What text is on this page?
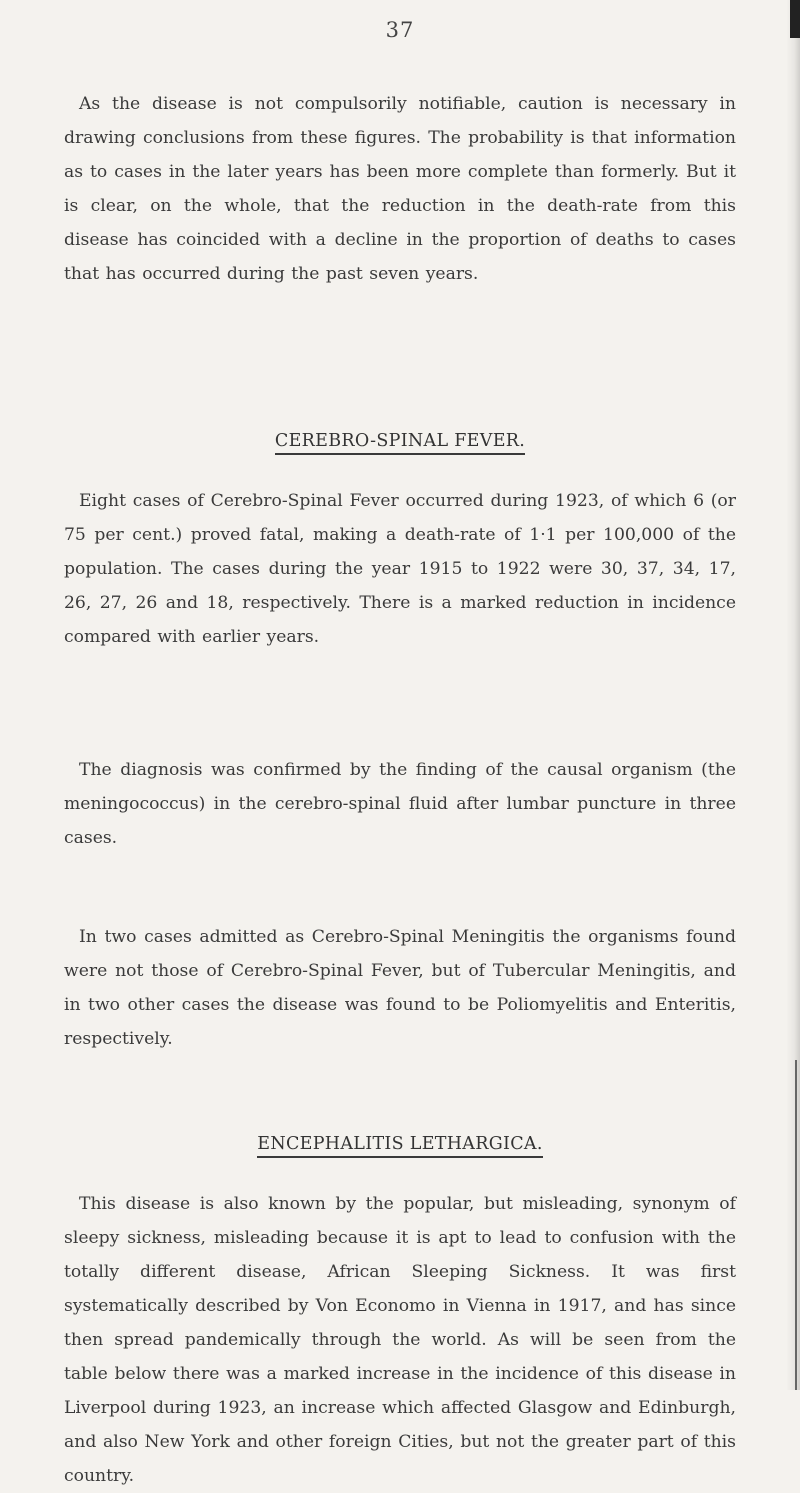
37

As the disease is not compulsorily notifiable, caution is necessary in drawing conclusions from these figures. The probability is that information as to cases in the later years has been more complete than formerly. But it is clear, on the whole, that the reduction in the death-rate from this disease has coincided with a decline in the proportion of deaths to cases that has occurred during the past seven years.

CEREBRO-SPINAL FEVER.

Eight cases of Cerebro-Spinal Fever occurred during 1923, of which 6 (or 75 per cent.) proved fatal, making a death-rate of 1·1 per 100,000 of the population. The cases during the year 1915 to 1922 were 30, 37, 34, 17, 26, 27, 26 and 18, respectively. There is a marked reduction in incidence compared with earlier years.

The diagnosis was confirmed by the finding of the causal organism (the meningococcus) in the cerebro-spinal fluid after lumbar puncture in three cases.

In two cases admitted as Cerebro-Spinal Meningitis the organisms found were not those of Cerebro-Spinal Fever, but of Tubercular Meningitis, and in two other cases the disease was found to be Poliomyelitis and Enteritis, respectively.

ENCEPHALITIS LETHARGICA.

This disease is also known by the popular, but misleading, synonym of sleepy sickness, misleading because it is apt to lead to confusion with the totally different disease, African Sleeping Sickness. It was first systematically described by Von Economo in Vienna in 1917, and has since then spread pandemically through the world. As will be seen from the table below there was a marked increase in the incidence of this disease in Liverpool during 1923, an increase which affected Glasgow and Edinburgh, and also New York and other foreign Cities, but not the greater part of this country.
